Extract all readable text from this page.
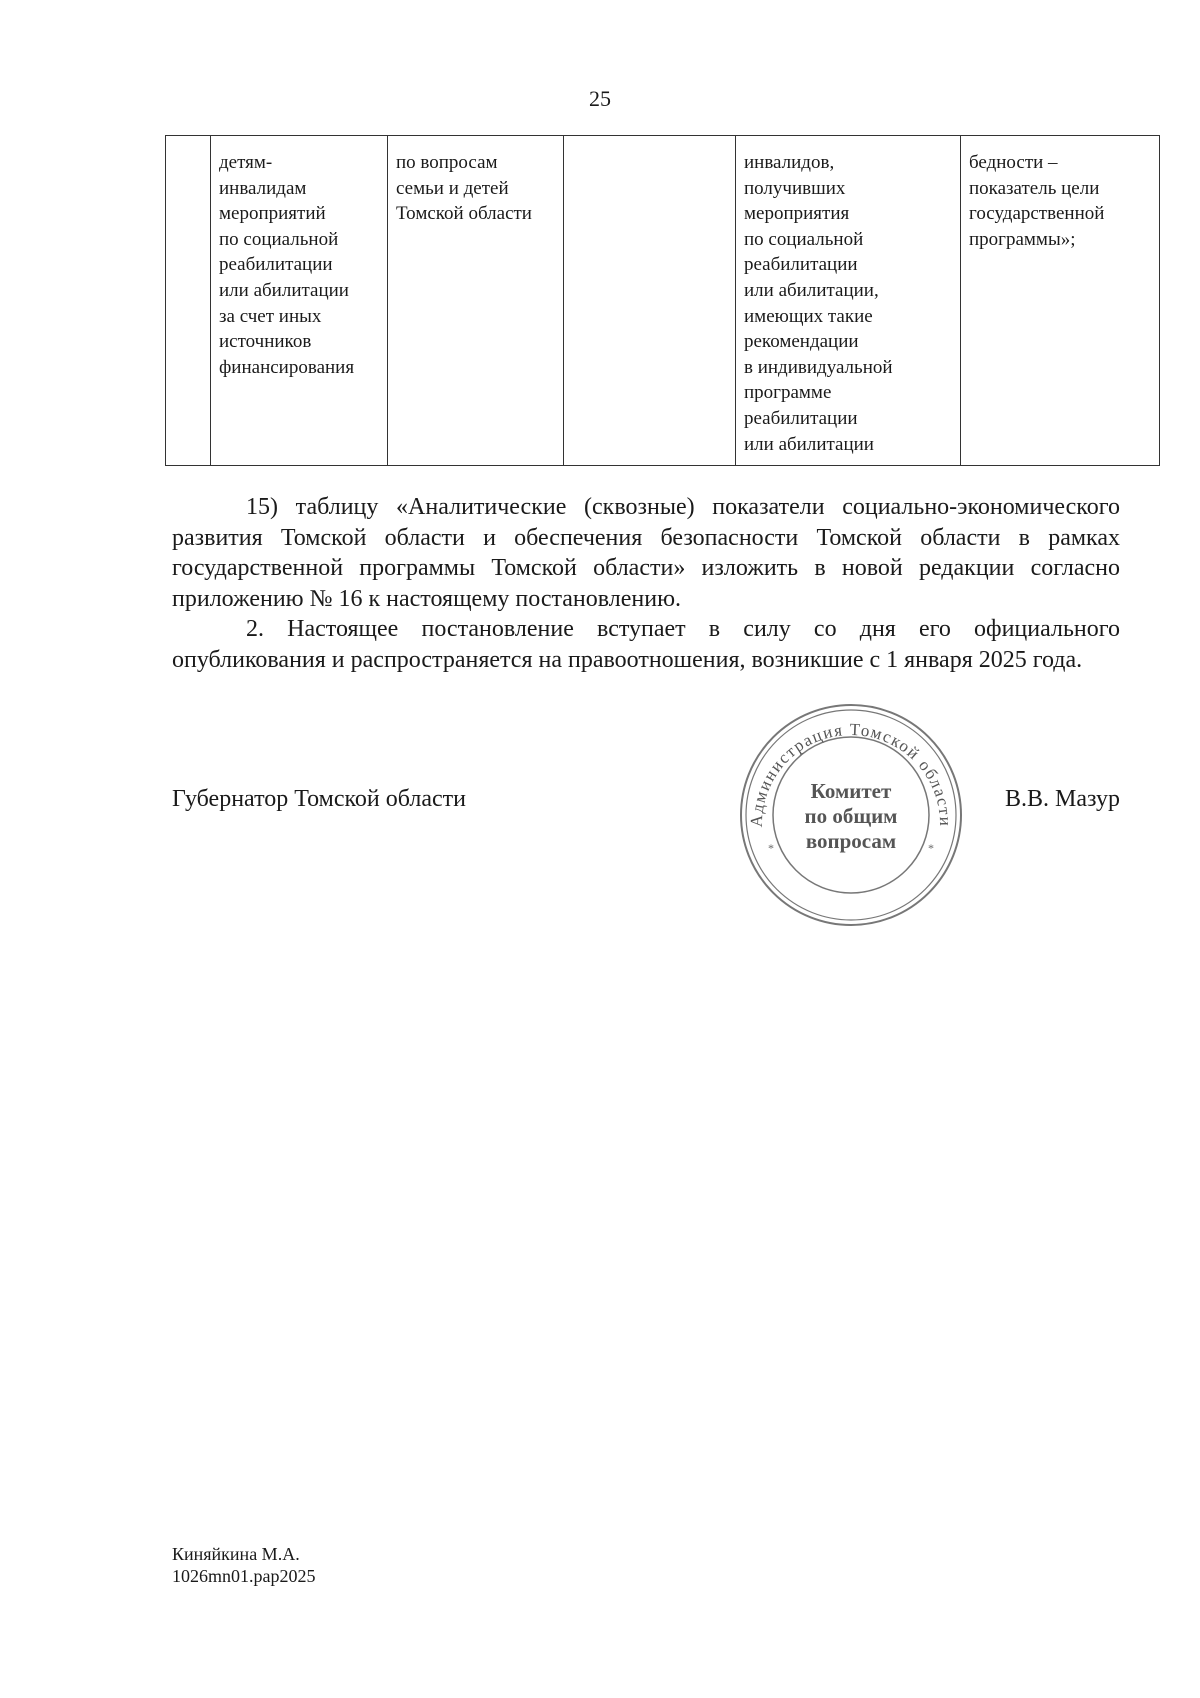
25
	детям-
инвалидам
мероприятий
по социальной
реабилитации
или абилитации
за счет иных
источников
финансирования	по вопросам
семьи и детей
Томской области		инвалидов,
получивших
мероприятия
по социальной
реабилитации
или абилитации,
имеющих такие
рекомендации
в индивидуальной
программе
реабилитации
или абилитации	бедности –
показатель цели
государственной
программы»;

15) таблицу «Аналитические (сквозные) показатели социально-экономического развития Томской области и обеспечения безопасности Томской области в рамках государственной программы Томской области» изложить в новой редакции согласно приложению № 16 к настоящему постановлению.

2. Настоящее постановление вступает в силу со дня его официального опубликования и распространяется на правоотношения, возникшие с 1 января 2025 года.

Губернатор Томской области
Администрация Томской области
*	*
Комитет
по общим
вопросам
В.В. Мазур
Киняйкина М.А.
1026mn01.pap2025
